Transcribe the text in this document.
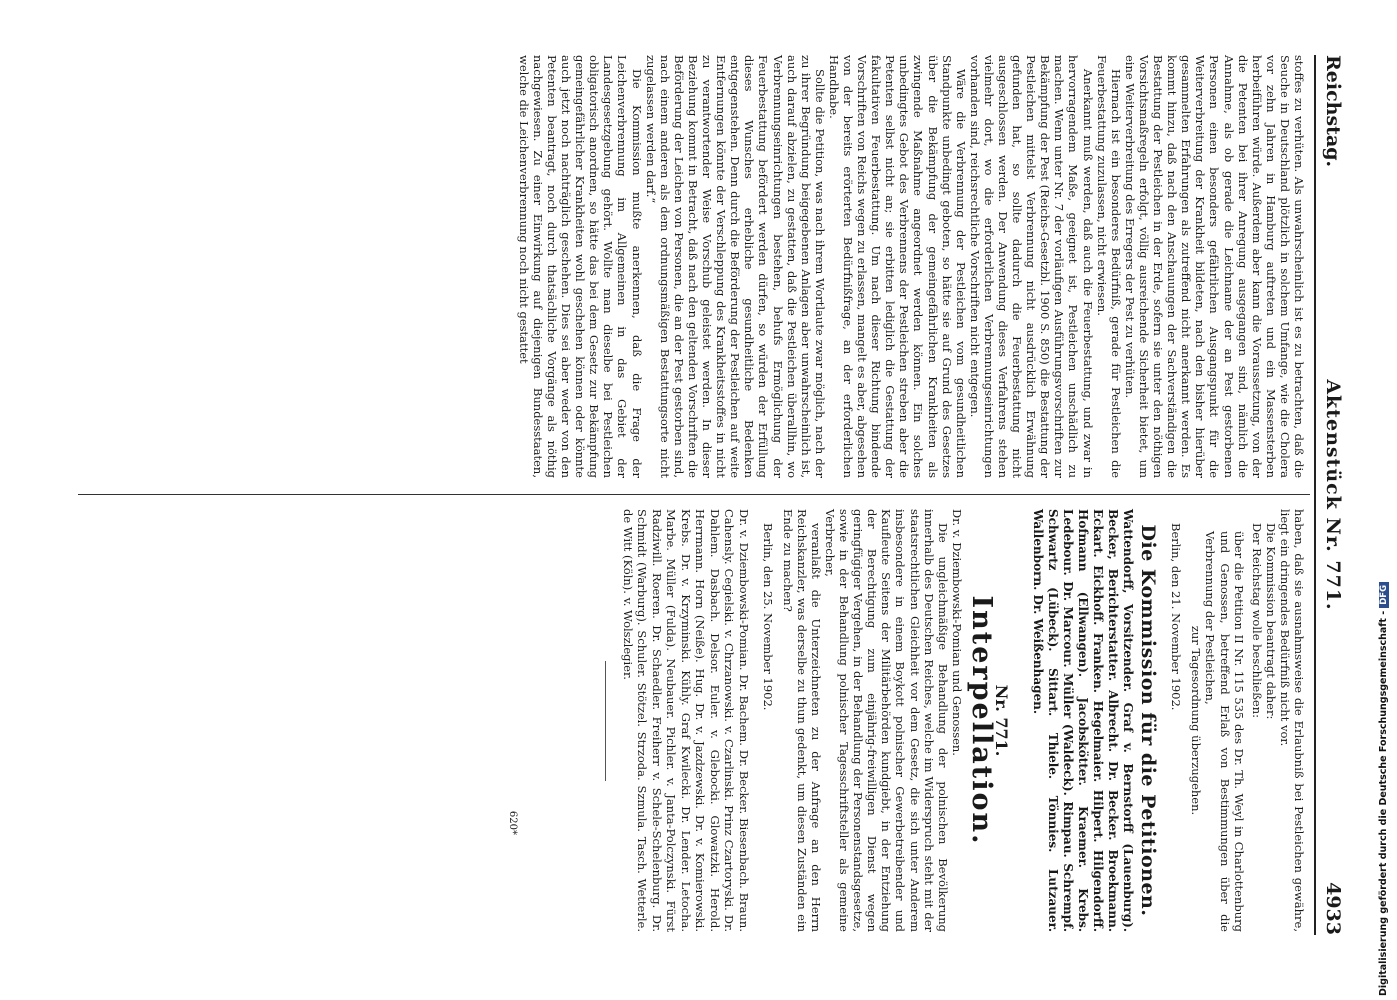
Reichstag.
Aktenstück Nr. 771.
4933

stoffes zu verhüten. Als unwahrscheinlich ist es zu betrachten, daß die Seuche in Deutschland plötzlich in solchem Umfange, wie die Cholera vor zehn Jahren in Hamburg auftreten und ein Massensterben herbeiführen würde. Außerdem aber kann die Voraussetzung, von der die Petenten bei ihrer Anregung ausgegangen sind, nämlich die Annahme, als ob gerade die Leichname der an Pest gestorbenen Personen einen besonders gefährlichen Ausgangspunkt für die Weiterverbreitung der Krankheit bildeten, nach den bisher hierüber gesammelten Erfahrungen als zutreffend nicht anerkannt werden. Es kommt hinzu, daß nach den Anschauungen der Sachverständigen die Bestattung der Pestleichen in der Erde, sofern sie unter den nöthigen Vorsichtsmaßregeln erfolgt, völlig ausreichende Sicherheit bietet, um eine Weiterverbreitung des Erregers der Pest zu verhüten.

Hiernach ist ein besonderes Bedürfniß, gerade für Pestleichen die Feuerbestattung zuzulassen, nicht erwiesen.

Anerkannt muß werden, daß auch die Feuerbestattung, und zwar in hervorragendem Maße, geeignet ist, Pestleichen unschädlich zu machen. Wenn unter Nr. 7 der vorläufigen Ausführungsvorschriften zur Bekämpfung der Pest (Reichs-Gesetzbl. 1900 S. 850) die Bestattung der Pestleichen mittelst Verbrennung nicht ausdrücklich Erwähnung gefunden hat, so sollte dadurch die Feuerbestattung nicht ausgeschlossen werden. Der Anwendung dieses Verfahrens stehen vielmehr dort, wo die erforderlichen Verbrennungseinrichtungen vorhanden sind, reichsrechtliche Vorschriften nicht entgegen.

Wäre die Verbrennung der Pestleichen vom gesundheitlichen Standpunkte unbedingt geboten, so hätte sie auf Grund des Gesetzes über die Bekämpfung der gemeingefährlichen Krankheiten als zwingende Maßnahme angeordnet werden können. Ein solches unbedingtes Gebot des Verbrennens der Pestleichen streben aber die Petenten selbst nicht an; sie erbitten lediglich die Gestattung der fakultativen Feuerbestattung. Um nach dieser Richtung bindende Vorschriften von Reichs wegen zu erlassen, mangelt es aber, abgesehen von der bereits erörterten Bedürfnißfrage, an der erforderlichen Handhabe.

Sollte die Petition, was nach ihrem Wortlaute zwar möglich, nach der zu ihrer Begründung beigegebenen Anlagen aber unwahrscheinlich ist, auch darauf abzielen, zu gestatten, daß die Pestleichen überallhin, wo Verbrennungseinrichtungen bestehen, behufs Ermöglichung der Feuerbestattung befördert werden dürfen, so würden der Erfüllung dieses Wunsches erhebliche gesundheitliche Bedenken entgegenstehen. Denn durch die Beförderung der Pestleichen auf weite Entfernungen könnte der Verschleppung des Krankheitsstoffes in nicht zu verantwortender Weise Vorschub geleistet werden. In dieser Beziehung kommt in Betracht, daß nach den geltenden Vorschriften die Beförderung der Leichen von Personen, die an der Pest gestorben sind, nach einem anderen als dem ordnungsmäßigen Bestattungsorte nicht zugelassen werden darf.“

Die Kommission mußte anerkennen, daß die Frage der Leichenverbrennung im Allgemeinen in das Gebiet der Landesgesetzgebung gehört. Wollte man dieselbe bei Pestleichen obligatorisch anordnen, so hätte das bei dem Gesetz zur Bekämpfung gemeingefährlicher Krankheiten wohl geschehen können oder könnte auch jetzt noch nachträglich geschehen. Dies sei aber weder von den Petenten beantragt, noch durch thatsächliche Vorgänge als nöthig nachgewiesen. Zu einer Einwirkung auf diejenigen Bundesstaaten, welche die Leichenverbrennung noch nicht gestattet

haben, daß sie ausnahmsweise die Erlaubniß bei Pestleichen gewähre, liegt ein dringendes Bedürfniß nicht vor.

Die Kommission beantragt daher:

Der Reichstag wolle beschließen:

über die Petition II Nr. 115 535 des Dr. Th. Weyl in Charlottenburg und Genossen, betreffend Erlaß von Bestimmungen über die Verbrennung der Pestleichen,

zur Tagesordnung überzugehen.

Berlin, den 21. November 1902.

Die Kommission für die Petitionen.

Wattendorff, Vorsitzender. Graf v. Bernstorff (Lauenburg). Becker, Berichterstatter. Albrecht. Dr. Becker. Broekmann. Eckart. Eickhoff. Franken. Hegelmaier. Hilpert. Hilgendorff. Hofmann (Ellwangen). Jacobskötter. Kraemer. Krebs. Ledebour. Dr. Marcour. Müller (Waldeck). Rimpau. Schrempf. Schwartz (Lübeck). Sittart. Thiele. Tönnies. Lutzauer. Wallenborn. Dr. Weißenhagen.

Nr. 771.
Interpellation.

Dr. v. Dziembowski-Pomian und Genossen.

Die ungleichmäßige Behandlung der polnischen Bevölkerung innerhalb des Deutschen Reiches, welche im Widerspruch steht mit der staatsrechtlichen Gleichheit vor dem Gesetz, die sich unter Anderem insbesondere in einem Boykott polnischer Gewerbetreibender und Kaufleute Seitens der Militärbehörden kundgiebt, in der Entziehung der Berechtigung zum einjährig-freiwilligen Dienst wegen geringfügiger Vergehen, in der Behandlung der Personenstandsgesetze, sowie in der Behandlung polnischer Tagesschriftsteller als gemeine Verbrecher,

veranlaßt die Unterzeichneten zu der Anfrage an den Herrn Reichskanzler, was derselbe zu thun gedenkt, um diesen Zuständen ein Ende zu machen?

Berlin, den 25. November 1902.

Dr. v. Dziembowski-Pomian. Dr. Bachem. Dr. Becker. Biesenbach. Braun. Cahensly. Cegielski. v. Chrzanowski. v. Czarlinski. Prinz Czartoryski. Dr. Dahlem. Dasbach. Delsor. Euler. v. Glebocki. Glowatzki. Herold. Herrmann. Horn (Neiße). Hug. Dr. v. Jazdzewski. Dr. v. Komierowski. Krebs. Dr. v. Krzyminski. Kühly. Graf Kwilecki. Dr. Lender. Letocha. Marbe. Müller (Fulda). Neubauer. Pichler. v. Janta-Polczynski. Fürst Radziwill. Roeren. Dr. Schaedler. Freiherr v. Schele-Schelenburg. Dr. Schmidt (Warburg). Schuler. Stötzel. Strzoda. Szmula. Tasch. Wetterle. de Witt (Köln). v. Wolszlegier.

620*	Digitalisierung gefördert durch die Deutsche Forschungsgemeinschaft -DFG
